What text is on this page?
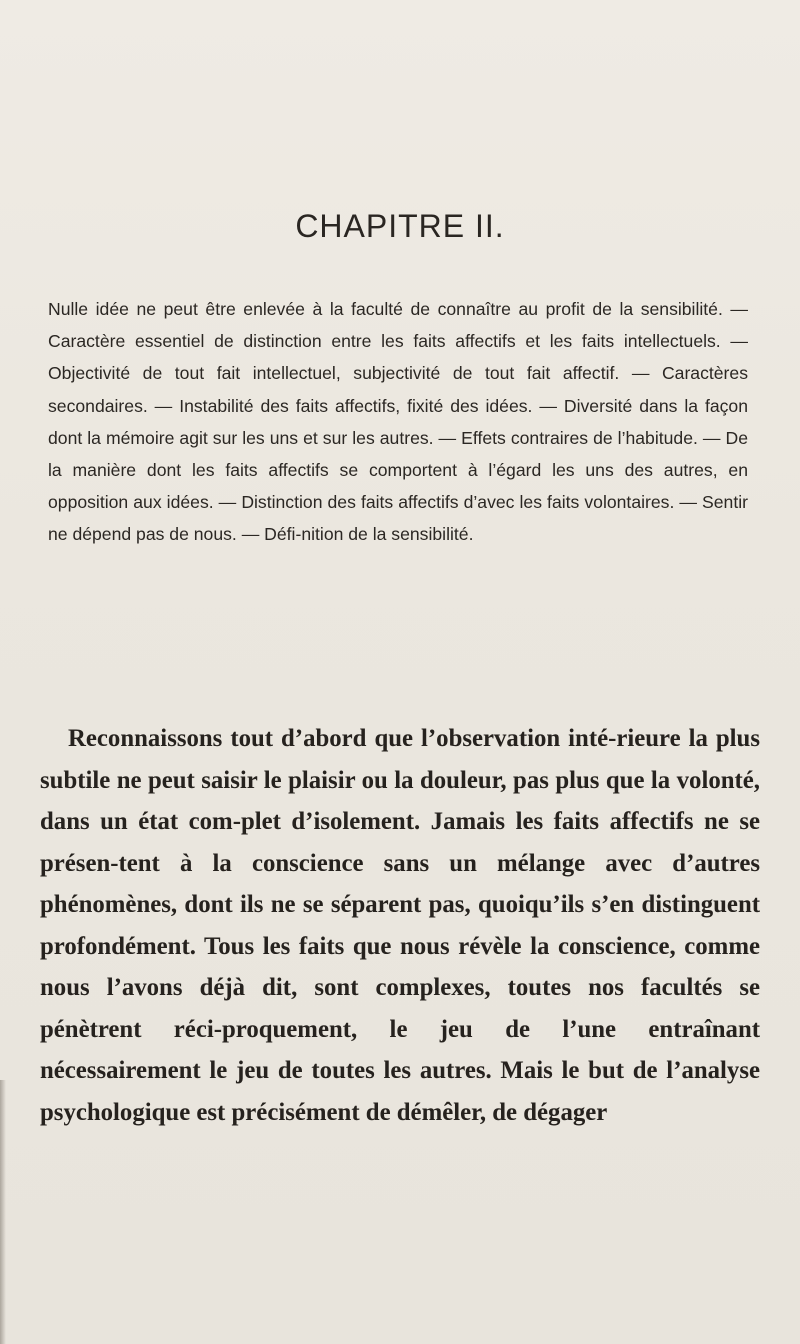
CHAPITRE II.

Nulle idée ne peut être enlevée à la faculté de connaître au profit de la sensibilité. — Caractère essentiel de distinction entre les faits affectifs et les faits intellectuels. — Objectivité de tout fait intellectuel, subjectivité de tout fait affectif. — Caractères secondaires. — Instabilité des faits affectifs, fixité des idées. — Diversité dans la façon dont la mémoire agit sur les uns et sur les autres. — Effets contraires de l’habitude. — De la manière dont les faits affectifs se comportent à l’égard les uns des autres, en opposition aux idées. — Distinction des faits affectifs d’avec les faits volontaires. — Sentir ne dépend pas de nous. — Défi-nition de la sensibilité.

Reconnaissons tout d’abord que l’observation inté-rieure la plus subtile ne peut saisir le plaisir ou la douleur, pas plus que la volonté, dans un état com-plet d’isolement. Jamais les faits affectifs ne se présen-tent à la conscience sans un mélange avec d’autres phénomènes, dont ils ne se séparent pas, quoiqu’ils s’en distinguent profondément. Tous les faits que nous révèle la conscience, comme nous l’avons déjà dit, sont complexes, toutes nos facultés se pénètrent réci-proquement, le jeu de l’une entraînant nécessairement le jeu de toutes les autres. Mais le but de l’analyse psychologique est précisément de démêler, de dégager
